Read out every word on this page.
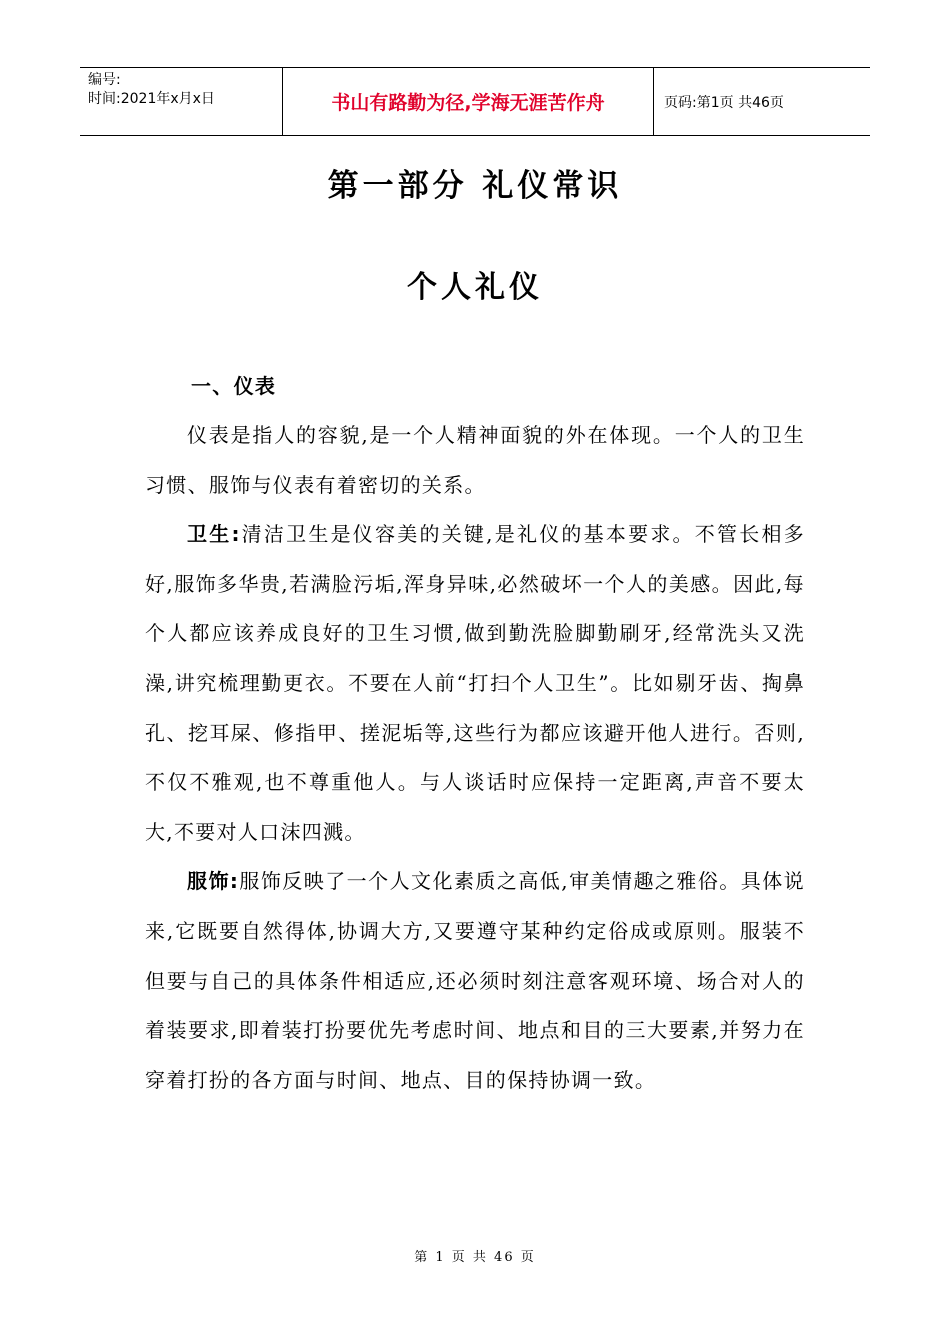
编号:
时间:2021年x月x日	书山有路勤为径,学海无涯苦作舟	页码:第1页 共46页
第一部分 礼仪常识
个人礼仪

一、仪表

仪表是指人的容貌,是一个人精神面貌的外在体现。一个人的卫生习惯、服饰与仪表有着密切的关系。

卫生:清洁卫生是仪容美的关键,是礼仪的基本要求。不管长相多好,服饰多华贵,若满脸污垢,浑身异味,必然破坏一个人的美感。因此,每个人都应该养成良好的卫生习惯,做到勤洗脸脚勤刷牙,经常洗头又洗澡,讲究梳理勤更衣。不要在人前“打扫个人卫生”。比如剔牙齿、掏鼻孔、挖耳屎、修指甲、搓泥垢等,这些行为都应该避开他人进行。否则,不仅不雅观,也不尊重他人。与人谈话时应保持一定距离,声音不要太大,不要对人口沫四溅。

服饰:服饰反映了一个人文化素质之高低,审美情趣之雅俗。具体说来,它既要自然得体,协调大方,又要遵守某种约定俗成或原则。服装不但要与自己的具体条件相适应,还必须时刻注意客观环境、场合对人的着装要求,即着装打扮要优先考虑时间、地点和目的三大要素,并努力在穿着打扮的各方面与时间、地点、目的保持协调一致。

第 1 页 共 46 页
